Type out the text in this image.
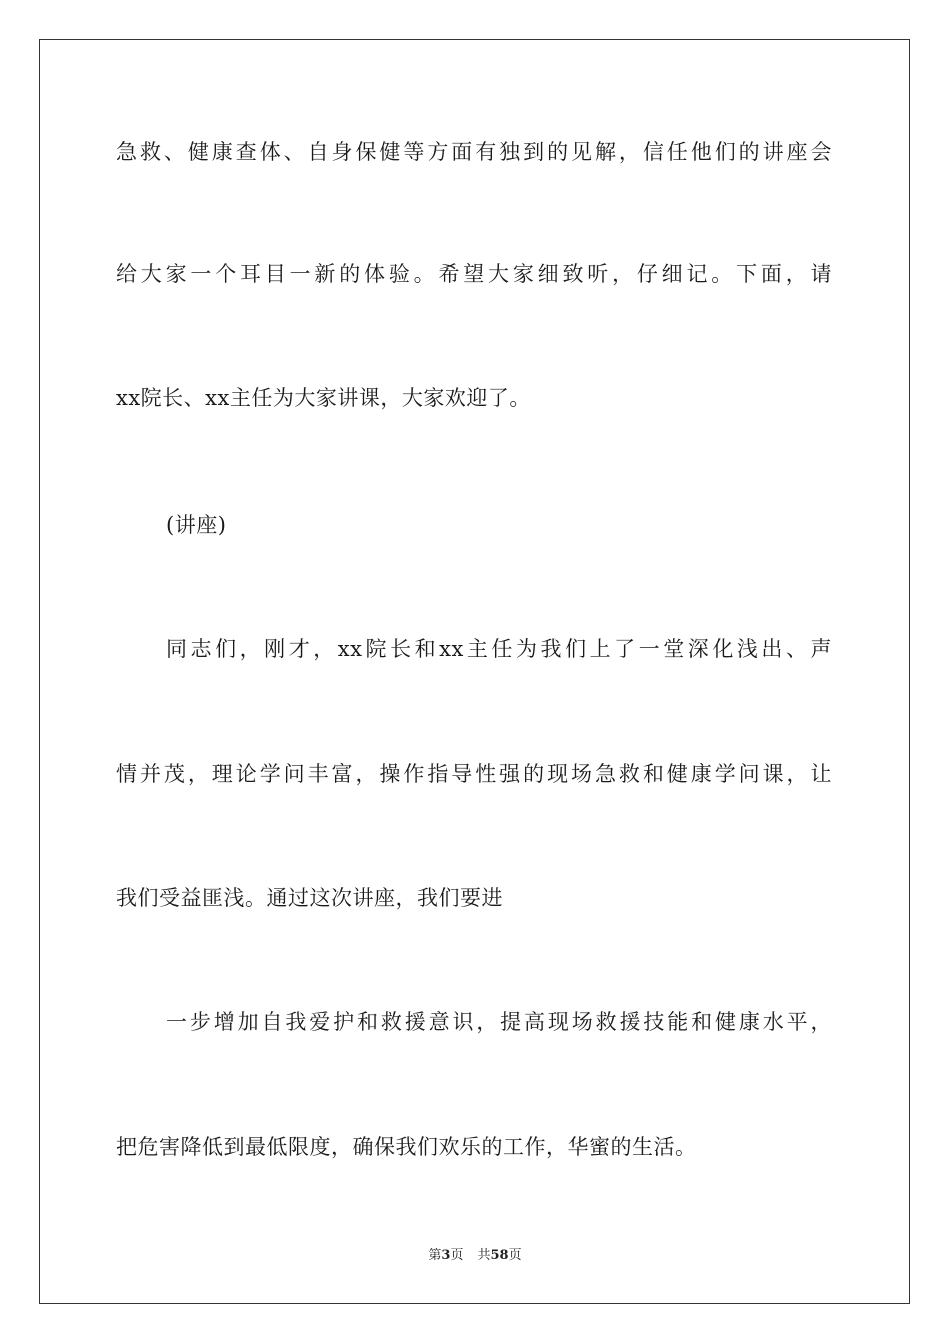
急救、健康查体、自身保健等方面有独到的见解，信任他们的讲座会
给大家一个耳目一新的体验。希望大家细致听，仔细记。下面，请
xx院长、xx主任为大家讲课，大家欢迎了。
(讲座)
同志们，刚才，xx院长和xx主任为我们上了一堂深化浅出、声
情并茂，理论学问丰富，操作指导性强的现场急救和健康学问课，让
我们受益匪浅。通过这次讲座，我们要进
一步增加自我爱护和救援意识，提高现场救援技能和健康水平，
把危害降低到最低限度，确保我们欢乐的工作，华蜜的生活。
第3页 共58页
